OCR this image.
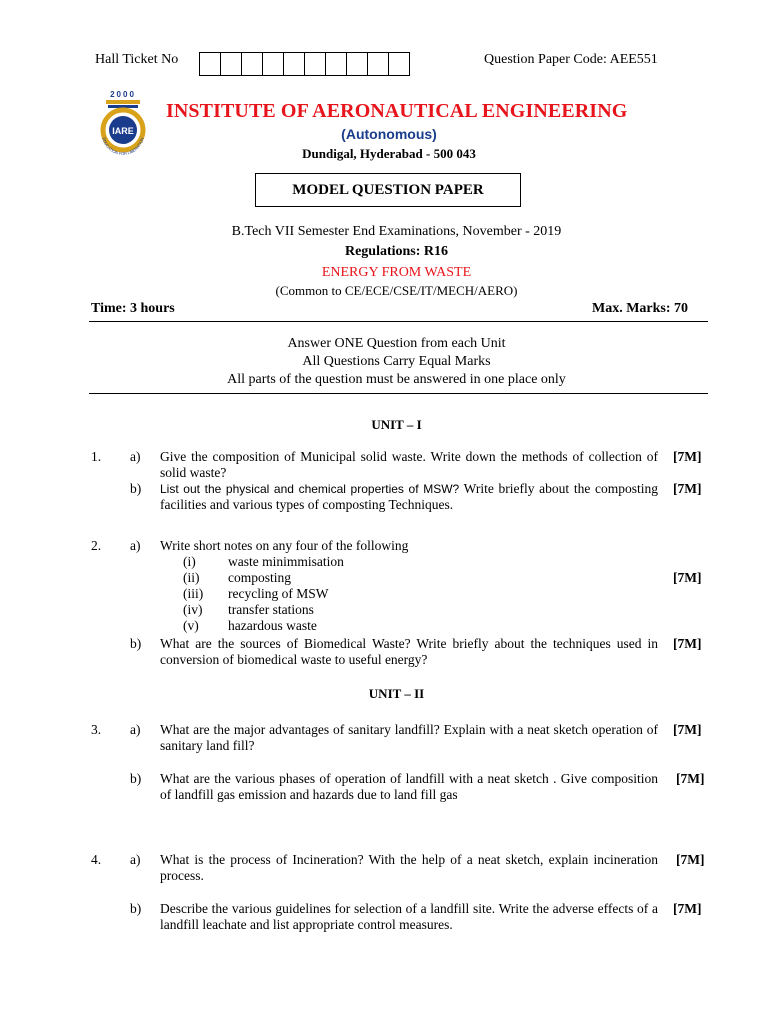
Hall Ticket No	Question Paper Code: AEE551
2000
IARE
EDUCATION FOR LIBERATION
INSTITUTE OF AERONAUTICAL ENGINEERING
(Autonomous)
Dundigal, Hyderabad - 500 043
MODEL QUESTION PAPER
B.Tech VII Semester End Examinations, November - 2019
Regulations: R16
ENERGY FROM WASTE
(Common to CE/ECE/CSE/IT/MECH/AERO)
Time: 3 hours	Max. Marks: 70
Answer ONE Question from each Unit
All Questions Carry Equal Marks
All parts of the question must be answered in one place only
UNIT – I
1. a) Give the composition of Municipal solid waste. Write down the methods of collection of solid waste?
[7M]
b) List out the physical and chemical properties of MSW? Write briefly about the composting facilities and various types of composting Techniques.
[7M]
2. a) Write short notes on any four of the following
(i) waste minimmisation
(ii) composting
(iii) recycling of MSW
(iv) transfer stations
(v) hazardous waste
[7M]
b) What are the sources of Biomedical Waste? Write briefly about the techniques used in conversion of biomedical waste to useful energy?
[7M]
UNIT – II
3. a) What are the major advantages of sanitary landfill? Explain with a neat sketch operation of sanitary land fill?
[7M]
b) What are the various phases of operation of landfill with a neat sketch . Give composition of landfill gas emission and hazards due to land fill gas
[7M]
4. a) What is the process of Incineration? With the help of a neat sketch, explain incineration process.
[7M]
b) Describe the various guidelines for selection of a landfill site. Write the adverse effects of a landfill leachate and list appropriate control measures.
[7M]
